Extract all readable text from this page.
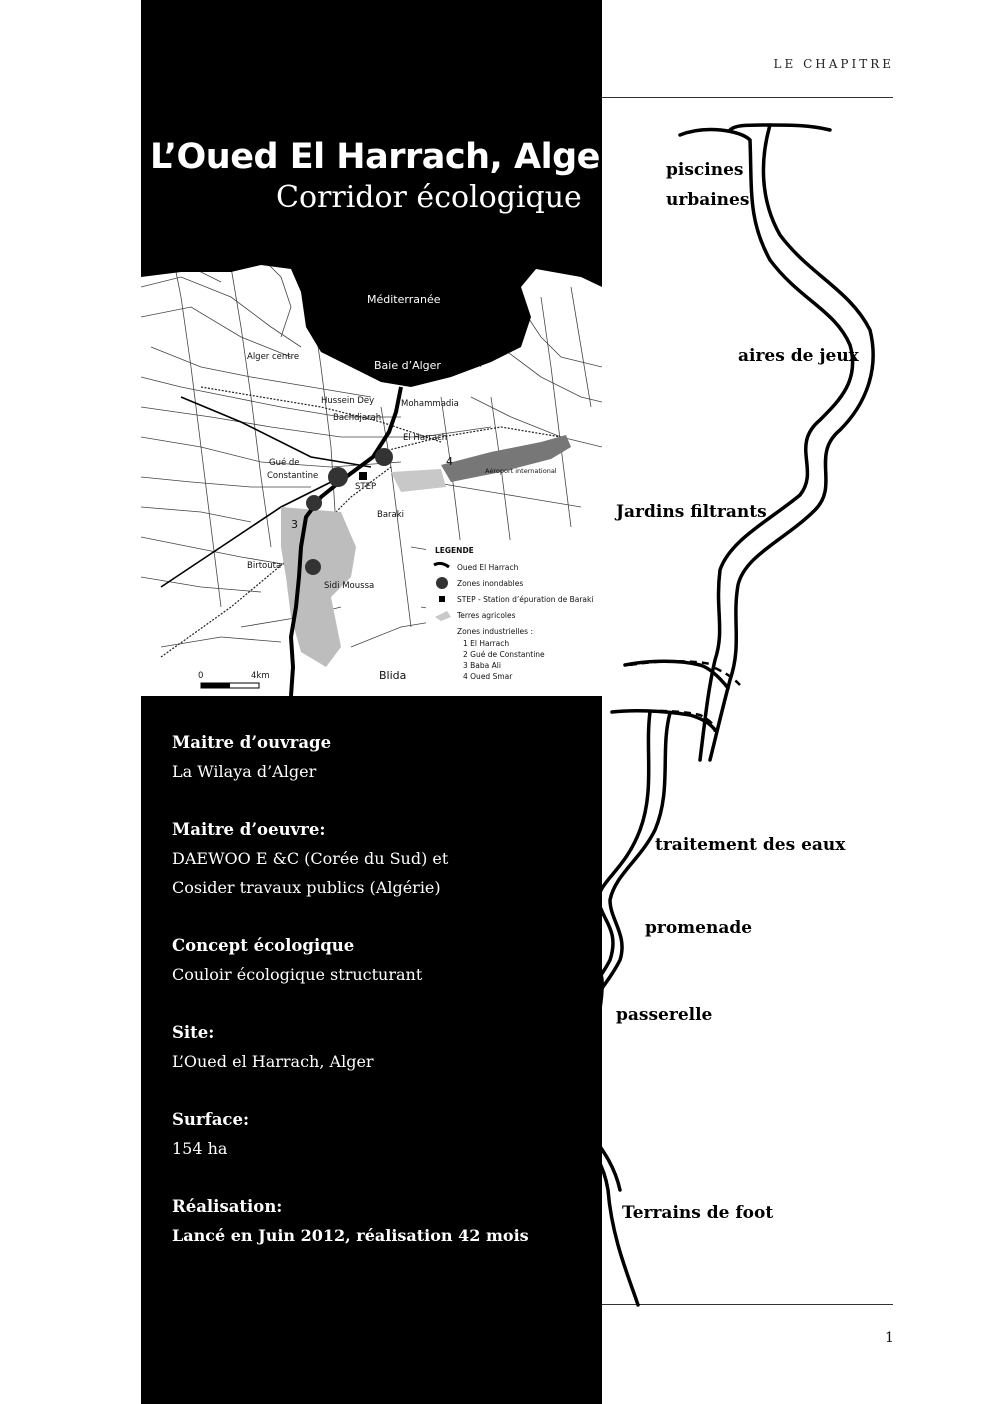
LE CHAPITRE
1
L’Oued El Harrach, Alger
Corridor écologique
Méditerranée
Baie d’Alger
Alger centre
Hussein Dey
Bachdjarah
Mohammadia
El Harrach
Gué de
Constantine
STEP
Aéroport international
Baraki
Birtouta
Sidi Moussa
Blida
3
4
0	4km
LEGENDE
Oued El Harrach
Zones inondables
STEP - Station d’épuration de Baraki
Terres agricoles
Zones industrielles :
1 El Harrach
2 Gué de Constantine
3 Baba Ali
4 Oued Smar
Maitre d’ouvrage
La Wilaya d’Alger
Maitre d’oeuvre:
DAEWOO E &C (Corée du Sud) et
Cosider travaux publics (Algérie)
Concept écologique
Couloir écologique structurant
Site:
L’Oued el Harrach, Alger
Surface:
154 ha
Réalisation:
Lancé en Juin 2012, réalisation 42 mois
piscines
urbaines
aires de jeux
Jardins filtrants
traitement des eaux
promenade
passerelle
Terrains de foot
